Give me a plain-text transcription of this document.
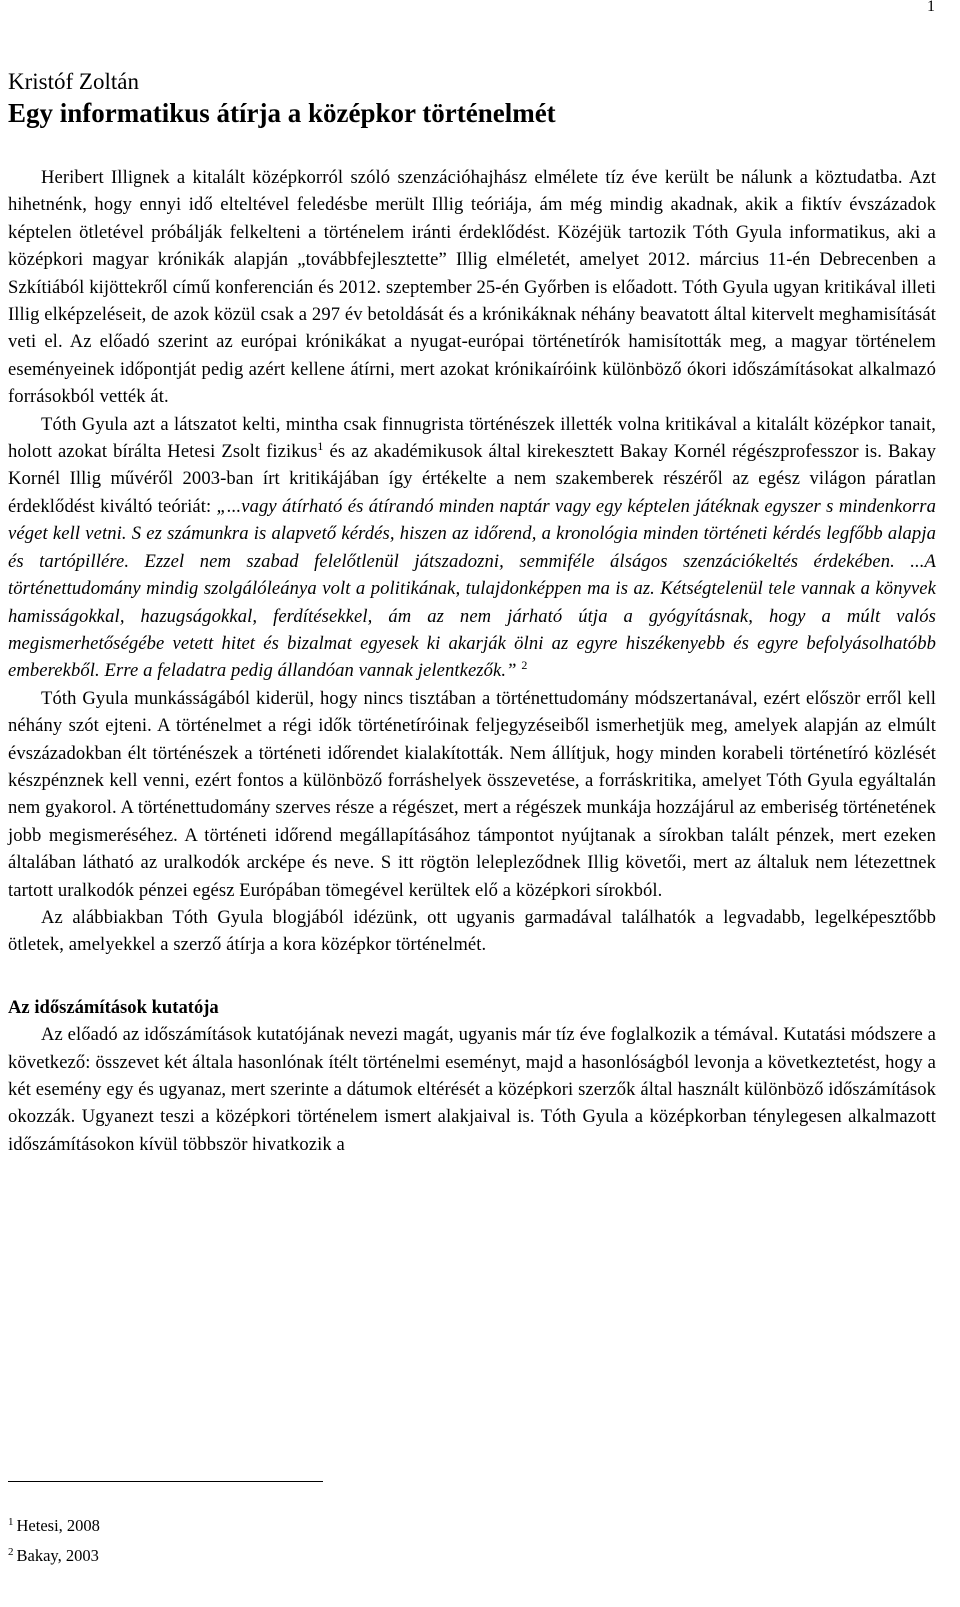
1
Kristóf Zoltán
Egy informatikus átírja a középkor történelmét

Heribert Illignek a kitalált középkorról szóló szenzációhajhász elmélete tíz éve került be nálunk a köztudatba. Azt hihetnénk, hogy ennyi idő elteltével feledésbe merült Illig teóriája, ám még mindig akadnak, akik a fiktív évszázadok képtelen ötletével próbálják felkelteni a történelem iránti érdeklődést. Közéjük tartozik Tóth Gyula informatikus, aki a középkori magyar krónikák alapján „továbbfejlesztette” Illig elméletét, amelyet 2012. március 11-én Debrecenben a Szkítiából kijöttekről című konferencián és 2012. szeptember 25-én Győrben is előadott. Tóth Gyula ugyan kritikával illeti Illig elképzeléseit, de azok közül csak a 297 év betoldását és a krónikáknak néhány beavatott által kitervelt meghamisítását veti el. Az előadó szerint az európai krónikákat a nyugat-európai történetírók hamisították meg, a magyar történelem eseményeinek időpontját pedig azért kellene átírni, mert azokat krónikaíróink különböző ókori időszámításokat alkalmazó forrásokból vették át.

Tóth Gyula azt a látszatot kelti, mintha csak finnugrista történészek illették volna kritikával a kitalált középkor tanait, holott azokat bírálta Hetesi Zsolt fizikus$^1$ és az akadémikusok által kirekesztett Bakay Kornél régészprofesszor is. Bakay Kornél Illig művéről 2003-ban írt kritikájában így értékelte a nem szakemberek részéről az egész világon páratlan érdeklődést kiváltó teóriát: „...vagy átírható és átírandó minden naptár vagy egy képtelen játéknak egyszer s mindenkorra véget kell vetni. S ez számunkra is alapvető kérdés, hiszen az időrend, a kronológia minden történeti kérdés legfőbb alapja és tartópillére. Ezzel nem szabad felelőtlenül játszadozni, semmiféle álságos szenzációkeltés érdekében. ...A történettudomány mindig szolgálóleánya volt a politikának, tulajdonképpen ma is az. Kétségtelenül tele vannak a könyvek hamisságokkal, hazugságokkal, ferdítésekkel, ám az nem járható útja a gyógyításnak, hogy a múlt valós megismerhetőségébe vetett hitet és bizalmat egyesek ki akarják ölni az egyre hiszékenyebb és egyre befolyásolhatóbb emberekből. Erre a feladatra pedig állandóan vannak jelentkezők.” $^2$

Tóth Gyula munkásságából kiderül, hogy nincs tisztában a történettudomány módszertanával, ezért először erről kell néhány szót ejteni. A történelmet a régi idők történetíróinak feljegyzéseiből ismerhetjük meg, amelyek alapján az elmúlt évszázadokban élt történészek a történeti időrendet kialakították. Nem állítjuk, hogy minden korabeli történetíró közlését készpénznek kell venni, ezért fontos a különböző forráshelyek összevetése, a forráskritika, amelyet Tóth Gyula egyáltalán nem gyakorol. A történettudomány szerves része a régészet, mert a régészek munkája hozzájárul az emberiség történetének jobb megismeréséhez. A történeti időrend megállapításához támpontot nyújtanak a sírokban talált pénzek, mert ezeken általában látható az uralkodók arcképe és neve. S itt rögtön lelepleződnek Illig követői, mert az általuk nem létezettnek tartott uralkodók pénzei egész Európában tömegével kerültek elő a középkori sírokból.

Az alábbiakban Tóth Gyula blogjából idézünk, ott ugyanis garmadával találhatók a legvadabb, legelképesztőbb ötletek, amelyekkel a szerző átírja a kora középkor történelmét.

Az időszámítások kutatója

Az előadó az időszámítások kutatójának nevezi magát, ugyanis már tíz éve foglalkozik a témával. Kutatási módszere a következő: összevet két általa hasonlónak ítélt történelmi eseményt, majd a hasonlóságból levonja a következtetést, hogy a két esemény egy és ugyanaz, mert szerinte a dátumok eltérését a középkori szerzők által használt különböző időszámítások okozzák. Ugyanezt teszi a középkori történelem ismert alakjaival is. Tóth Gyula a középkorban ténylegesen alkalmazott időszámításokon kívül többször hivatkozik a

$^1$ Hetesi, 2008
$^2$ Bakay, 2003
